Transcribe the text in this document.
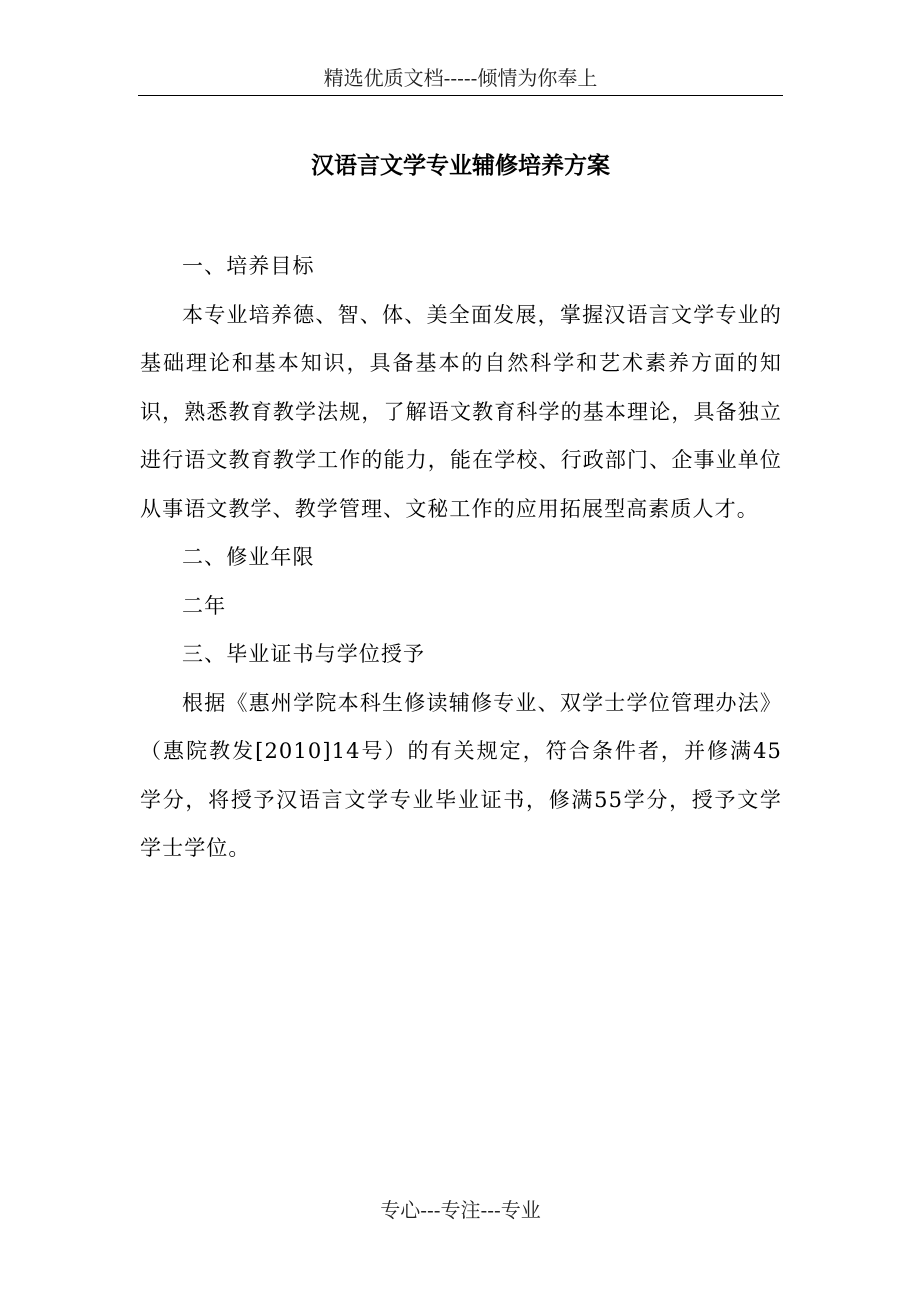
精选优质文档-----倾情为你奉上
汉语言文学专业辅修培养方案

一、培养目标

本专业培养德、智、体、美全面发展，掌握汉语言文学专业的基础理论和基本知识，具备基本的自然科学和艺术素养方面的知识，熟悉教育教学法规，了解语文教育科学的基本理论，具备独立进行语文教育教学工作的能力，能在学校、行政部门、企事业单位从事语文教学、教学管理、文秘工作的应用拓展型高素质人才。

二、修业年限

二年

三、毕业证书与学位授予

根据《惠州学院本科生修读辅修专业、双学士学位管理办法》（惠院教发[2010]14号）的有关规定，符合条件者，并修满45学分，将授予汉语言文学专业毕业证书，修满55学分，授予文学学士学位。

专心---专注---专业
